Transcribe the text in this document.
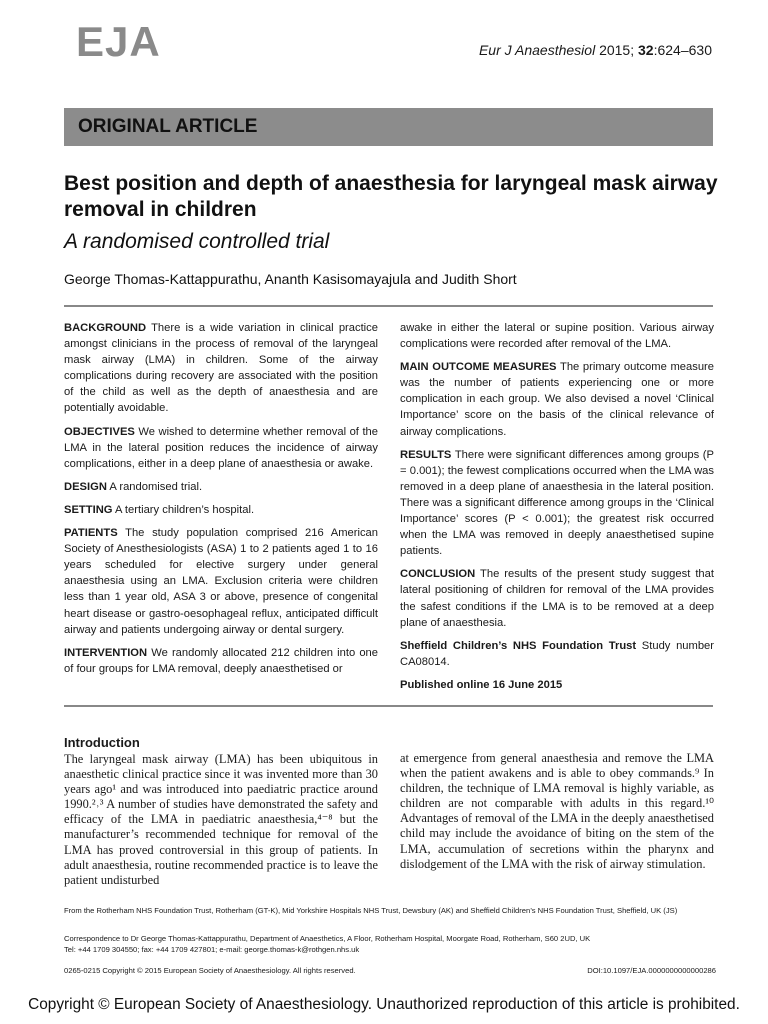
EJA	Eur J Anaesthesiol 2015; 32:624–630
ORIGINAL ARTICLE
Best position and depth of anaesthesia for laryngeal mask airway removal in children
A randomised controlled trial
George Thomas-Kattappurathu, Ananth Kasisomayajula and Judith Short

BACKGROUND There is a wide variation in clinical practice amongst clinicians in the process of removal of the laryngeal mask airway (LMA) in children. Some of the airway complications during recovery are associated with the position of the child as well as the depth of anaesthesia and are potentially avoidable.

OBJECTIVES We wished to determine whether removal of the LMA in the lateral position reduces the incidence of airway complications, either in a deep plane of anaesthesia or awake.

DESIGN A randomised trial.

SETTING A tertiary children’s hospital.

PATIENTS The study population comprised 216 American Society of Anesthesiologists (ASA) 1 to 2 patients aged 1 to 16 years scheduled for elective surgery under general anaesthesia using an LMA. Exclusion criteria were children less than 1 year old, ASA 3 or above, presence of congenital heart disease or gastro-oesophageal reflux, anticipated difficult airway and patients undergoing airway or dental surgery.

INTERVENTION We randomly allocated 212 children into one of four groups for LMA removal, deeply anaesthetised or

awake in either the lateral or supine position. Various airway complications were recorded after removal of the LMA.

MAIN OUTCOME MEASURES The primary outcome measure was the number of patients experiencing one or more complication in each group. We also devised a novel ‘Clinical Importance’ score on the basis of the clinical relevance of airway complications.

RESULTS There were significant differences among groups (P = 0.001); the fewest complications occurred when the LMA was removed in a deep plane of anaesthesia in the lateral position. There was a significant difference among groups in the ‘Clinical Importance’ scores (P < 0.001); the greatest risk occurred when the LMA was removed in deeply anaesthetised supine patients.

CONCLUSION The results of the present study suggest that lateral positioning of children for removal of the LMA provides the safest conditions if the LMA is to be removed at a deep plane of anaesthesia.

Sheffield Children’s NHS Foundation Trust Study number CA08014.

Published online 16 June 2015

Introduction

The laryngeal mask airway (LMA) has been ubiquitous in anaesthetic clinical practice since it was invented more than 30 years ago¹ and was introduced into paediatric practice around 1990.²˒³ A number of studies have demonstrated the safety and efficacy of the LMA in paediatric anaesthesia,⁴⁻⁸ but the manufacturer’s recommended technique for removal of the LMA has proved controversial in this group of patients. In adult anaesthesia, routine recommended practice is to leave the patient undisturbed

at emergence from general anaesthesia and remove the LMA when the patient awakens and is able to obey commands.⁹ In children, the technique of LMA removal is highly variable, as children are not comparable with adults in this regard.¹⁰ Advantages of removal of the LMA in the deeply anaesthetised child may include the avoidance of biting on the stem of the LMA, accumulation of secretions within the pharynx and dislodgement of the LMA with the risk of airway stimulation.

From the Rotherham NHS Foundation Trust, Rotherham (GT-K), Mid Yorkshire Hospitals NHS Trust, Dewsbury (AK) and Sheffield Children’s NHS Foundation Trust, Sheffield, UK (JS)

Correspondence to Dr George Thomas-Kattappurathu, Department of Anaesthetics, A Floor, Rotherham Hospital, Moorgate Road, Rotherham, S60 2UD, UK

Tel: +44 1709 304550; fax: +44 1709 427801; e-mail: george.thomas-k@rothgen.nhs.uk

0265-0215 Copyright © 2015 European Society of Anaesthesiology. All rights reserved.	DOI:10.1097/EJA.0000000000000286
Copyright © European Society of Anaesthesiology. Unauthorized reproduction of this article is prohibited.
